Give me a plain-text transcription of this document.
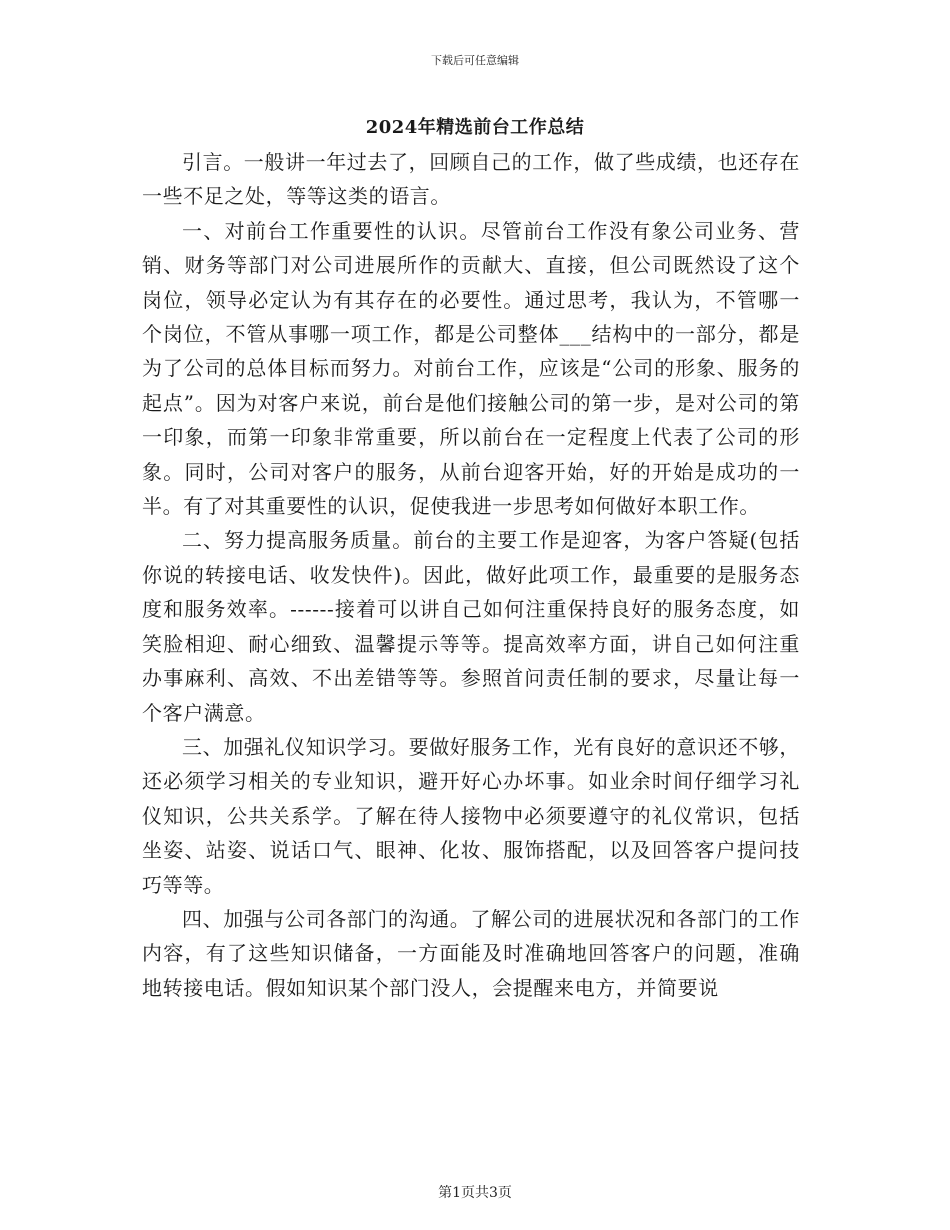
下载后可任意编辑
2024年精选前台工作总结

引言。一般讲一年过去了，回顾自己的工作，做了些成绩，也还存在一些不足之处，等等这类的语言。

一、对前台工作重要性的认识。尽管前台工作没有象公司业务、营销、财务等部门对公司进展所作的贡献大、直接，但公司既然设了这个岗位，领导必定认为有其存在的必要性。通过思考，我认为，不管哪一个岗位，不管从事哪一项工作，都是公司整体___结构中的一部分，都是为了公司的总体目标而努力。对前台工作，应该是“公司的形象、服务的起点”。因为对客户来说，前台是他们接触公司的第一步，是对公司的第一印象，而第一印象非常重要，所以前台在一定程度上代表了公司的形象。同时，公司对客户的服务，从前台迎客开始，好的开始是成功的一半。有了对其重要性的认识，促使我进一步思考如何做好本职工作。

二、努力提高服务质量。前台的主要工作是迎客，为客户答疑(包括你说的转接电话、收发快件)。因此，做好此项工作，最重要的是服务态度和服务效率。------接着可以讲自己如何注重保持良好的服务态度，如笑脸相迎、耐心细致、温馨提示等等。提高效率方面，讲自己如何注重办事麻利、高效、不出差错等等。参照首问责任制的要求，尽量让每一个客户满意。

三、加强礼仪知识学习。要做好服务工作，光有良好的意识还不够，还必须学习相关的专业知识，避开好心办坏事。如业余时间仔细学习礼仪知识，公共关系学。了解在待人接物中必须要遵守的礼仪常识，包括坐姿、站姿、说话口气、眼神、化妆、服饰搭配，以及回答客户提问技巧等等。

四、加强与公司各部门的沟通。了解公司的进展状况和各部门的工作内容，有了这些知识储备，一方面能及时准确地回答客户的问题，准确地转接电话。假如知识某个部门没人，会提醒来电方，并简要说

第1页共3页
